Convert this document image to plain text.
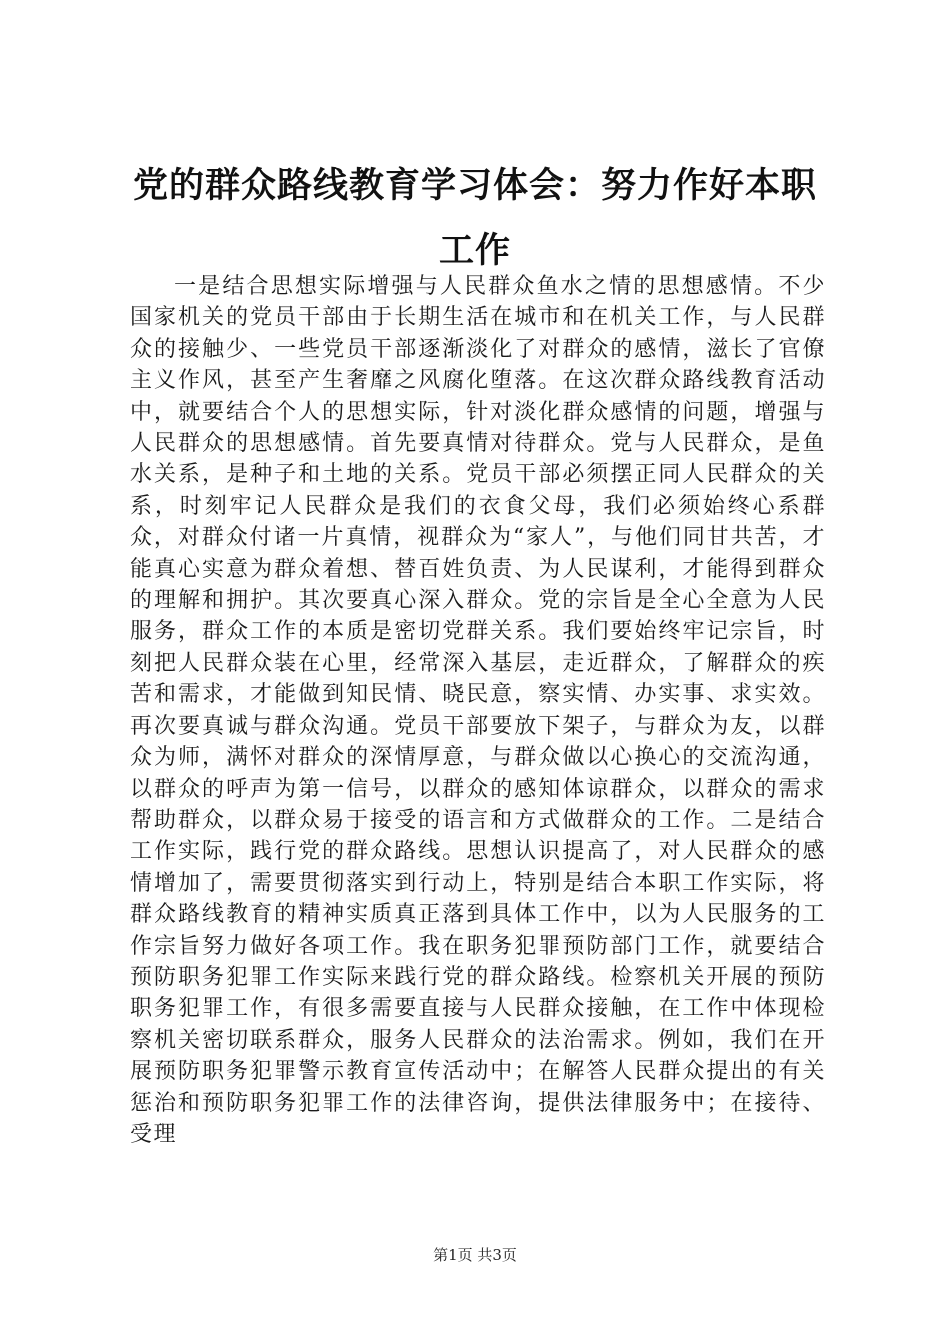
党的群众路线教育学习体会：努力作好本职工作

一是结合思想实际增强与人民群众鱼水之情的思想感情。不少国家机关的党员干部由于长期生活在城市和在机关工作，与人民群众的接触少、一些党员干部逐渐淡化了对群众的感情，滋长了官僚主义作风，甚至产生奢靡之风腐化堕落。在这次群众路线教育活动中，就要结合个人的思想实际，针对淡化群众感情的问题，增强与人民群众的思想感情。首先要真情对待群众。党与人民群众，是鱼水关系，是种子和土地的关系。党员干部必须摆正同人民群众的关系，时刻牢记人民群众是我们的衣食父母，我们必须始终心系群众，对群众付诸一片真情，视群众为“家人”，与他们同甘共苦，才能真心实意为群众着想、替百姓负责、为人民谋利，才能得到群众的理解和拥护。其次要真心深入群众。党的宗旨是全心全意为人民服务，群众工作的本质是密切党群关系。我们要始终牢记宗旨，时刻把人民群众装在心里，经常深入基层，走近群众，了解群众的疾苦和需求，才能做到知民情、晓民意，察实情、办实事、求实效。再次要真诚与群众沟通。党员干部要放下架子，与群众为友，以群众为师，满怀对群众的深情厚意，与群众做以心换心的交流沟通，以群众的呼声为第一信号，以群众的感知体谅群众，以群众的需求帮助群众，以群众易于接受的语言和方式做群众的工作。二是结合工作实际，践行党的群众路线。思想认识提高了，对人民群众的感情增加了，需要贯彻落实到行动上，特别是结合本职工作实际，将群众路线教育的精神实质真正落到具体工作中，以为人民服务的工作宗旨努力做好各项工作。我在职务犯罪预防部门工作，就要结合预防职务犯罪工作实际来践行党的群众路线。检察机关开展的预防职务犯罪工作，有很多需要直接与人民群众接触，在工作中体现检察机关密切联系群众，服务人民群众的法治需求。例如，我们在开展预防职务犯罪警示教育宣传活动中；在解答人民群众提出的有关惩治和预防职务犯罪工作的法律咨询，提供法律服务中；在接待、受理

第1页 共3页
